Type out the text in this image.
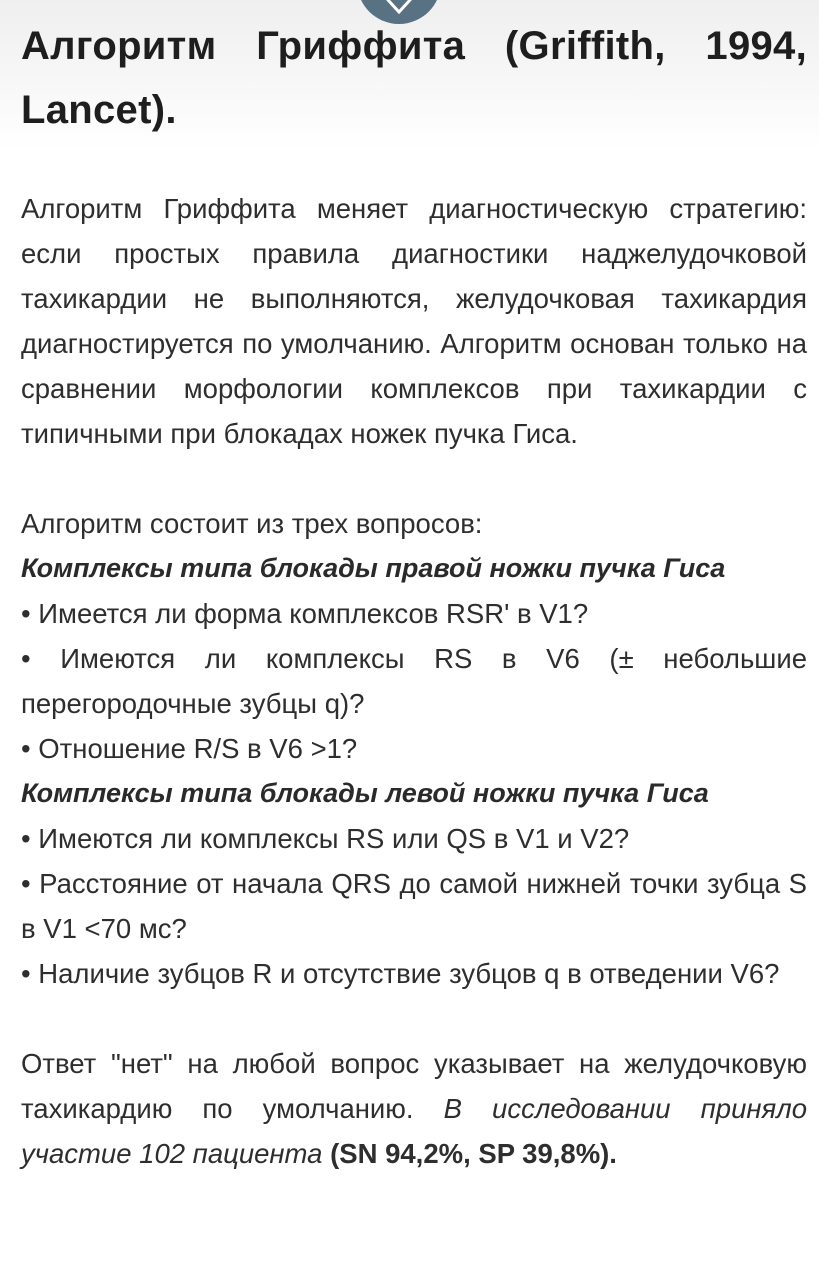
Алгоритм Гриффита (Griffith, 1994, Lancet).

Алгоритм Гриффита меняет диагностическую стратегию: если простых правила диагностики наджелудочковой тахикардии не выполняются, желудочковая тахикардия диагностируется по умолчанию. Алгоритм основан только на сравнении морфологии комплексов при тахикардии с типичными при блокадах ножек пучка Гиса.

Алгоритм состоит из трех вопросов:

Комплексы типа блокады правой ножки пучка Гиса

• Имеется ли форма комплексов RSR' в V1?

• Имеются ли комплексы RS в V6 (± небольшие перегородочные зубцы q)?

• Отношение R/S в V6 >1?

Комплексы типа блокады левой ножки пучка Гиса

• Имеются ли комплексы RS или QS в V1 и V2?

• Расстояние от начала QRS до самой нижней точки зубца S в V1 <70 мс?

• Наличие зубцов R и отсутствие зубцов q в отведении V6?

Ответ "нет" на любой вопрос указывает на желудочковую тахикардию по умолчанию. В исследовании приняло участие 102 пациента (SN 94,2%, SP 39,8%).
